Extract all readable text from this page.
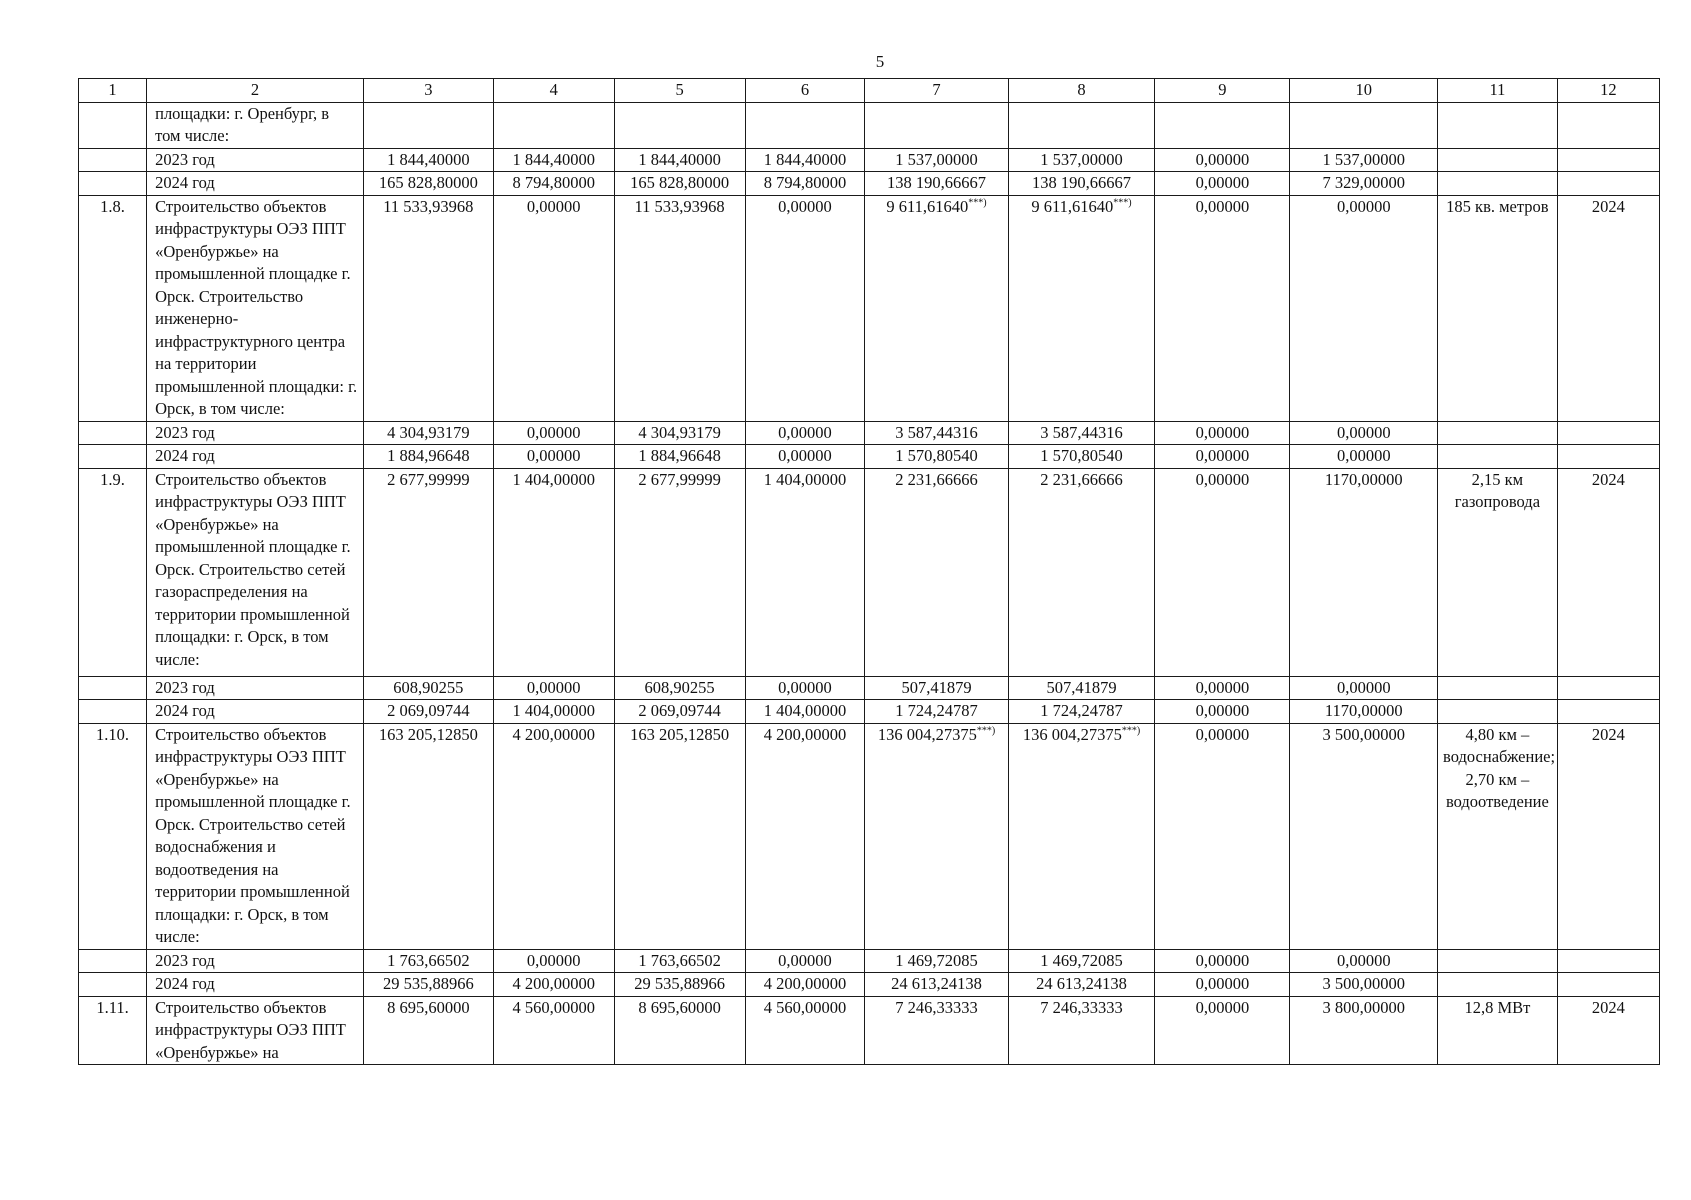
5
1	2	3	4	5	6	7	8	9	10	11	12
	площадки: г. Оренбург, в том числе:										
	2023 год	1 844,40000	1 844,40000	1 844,40000	1 844,40000	1 537,00000	1 537,00000	0,00000	1 537,00000		
	2024 год	165 828,80000	8 794,80000	165 828,80000	8 794,80000	138 190,66667	138 190,66667	0,00000	7 329,00000		
1.8.	Строительство объектов инфраструктуры ОЭЗ ППТ «Оренбуржье» на промышленной площадке г. Орск. Строительство инженерно-инфраструктурного центра на территории промышленной площадки: г. Орск, в том числе:	11 533,93968	0,00000	11 533,93968	0,00000	9 611,61640***)	9 611,61640***)	0,00000	0,00000	185 кв. метров	2024
	2023 год	4 304,93179	0,00000	4 304,93179	0,00000	3 587,44316	3 587,44316	0,00000	0,00000		
	2024 год	1 884,96648	0,00000	1 884,96648	0,00000	1 570,80540	1 570,80540	0,00000	0,00000		
1.9.	Строительство объектов инфраструктуры ОЭЗ ППТ «Оренбуржье» на промышленной площадке г. Орск. Строительство сетей газораспределения на территории промышленной площадки: г. Орск, в том числе:	2 677,99999	1 404,00000	2 677,99999	1 404,00000	2 231,66666	2 231,66666	0,00000	1170,00000	2,15 км газопровода	2024
	2023 год	608,90255	0,00000	608,90255	0,00000	507,41879	507,41879	0,00000	0,00000		
	2024 год	2 069,09744	1 404,00000	2 069,09744	1 404,00000	1 724,24787	1 724,24787	0,00000	1170,00000		
1.10.	Строительство объектов инфраструктуры ОЭЗ ППТ «Оренбуржье» на промышленной площадке г. Орск. Строительство сетей водоснабжения и водоотведения на территории промышленной площадки: г. Орск, в том числе:	163 205,12850	4 200,00000	163 205,12850	4 200,00000	136 004,27375***)	136 004,27375***)	0,00000	3 500,00000	4,80 км – водоснабжение; 2,70 км – водоотведение	2024
	2023 год	1 763,66502	0,00000	1 763,66502	0,00000	1 469,72085	1 469,72085	0,00000	0,00000		
	2024 год	29 535,88966	4 200,00000	29 535,88966	4 200,00000	24 613,24138	24 613,24138	0,00000	3 500,00000		
1.11.	Строительство объектов инфраструктуры ОЭЗ ППТ «Оренбуржье» на	8 695,60000	4 560,00000	8 695,60000	4 560,00000	7 246,33333	7 246,33333	0,00000	3 800,00000	12,8 МВт	2024
